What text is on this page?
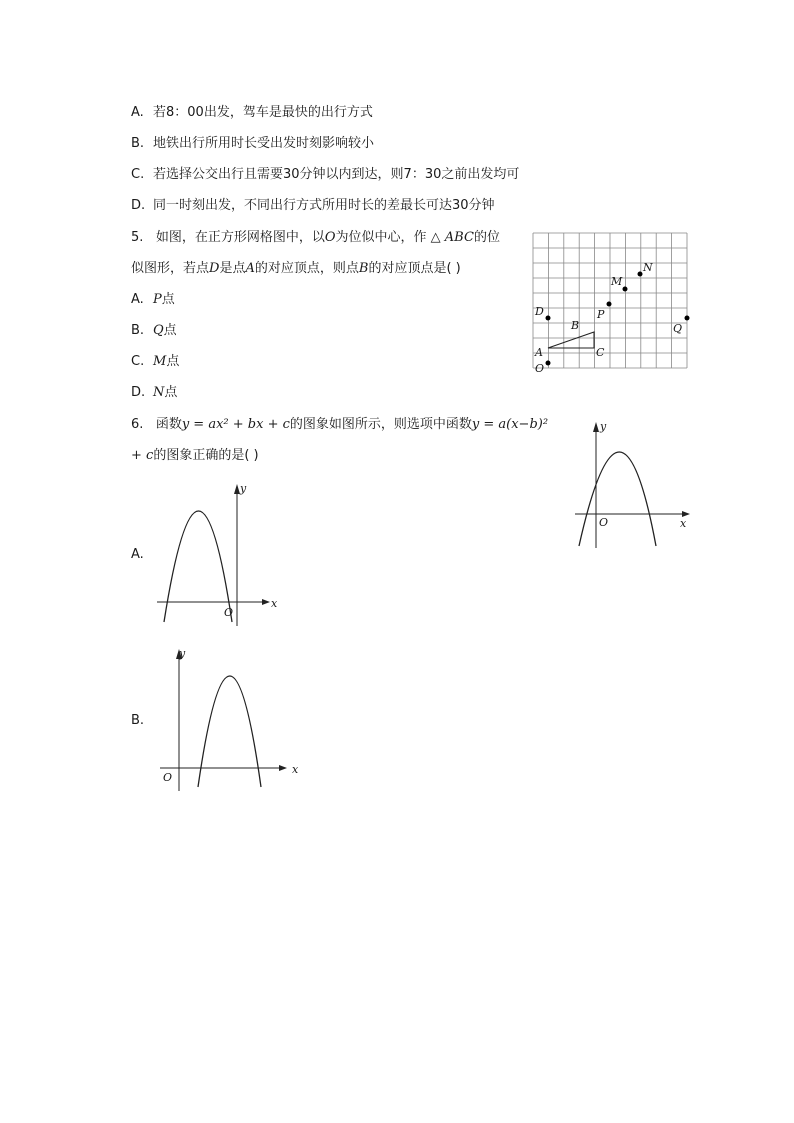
A. 若8：00出发，驾车是最快的出行方式
B. 地铁出行所用时长受出发时刻影响较小
C. 若选择公交出行且需要30分钟以内到达，则7：30之前出发均可
D. 同一时刻出发，不同出行方式所用时长的差最长可达30分钟
5. 如图，在正方形网格图中，以O为位似中心，作 △ ABC的位
似图形，若点D是点A的对应顶点，则点B的对应顶点是( )
A. P点
B. Q点
C. M点
D. N点
N
M
P
D
B	Q
A	C
O
6. 函数y = ax² + bx + c的图象如图所示，则选项中函数y = a(x−b)²
+ c的图象正确的是( )
x
y
O
A.
x
y
O
B.
x
y
O
